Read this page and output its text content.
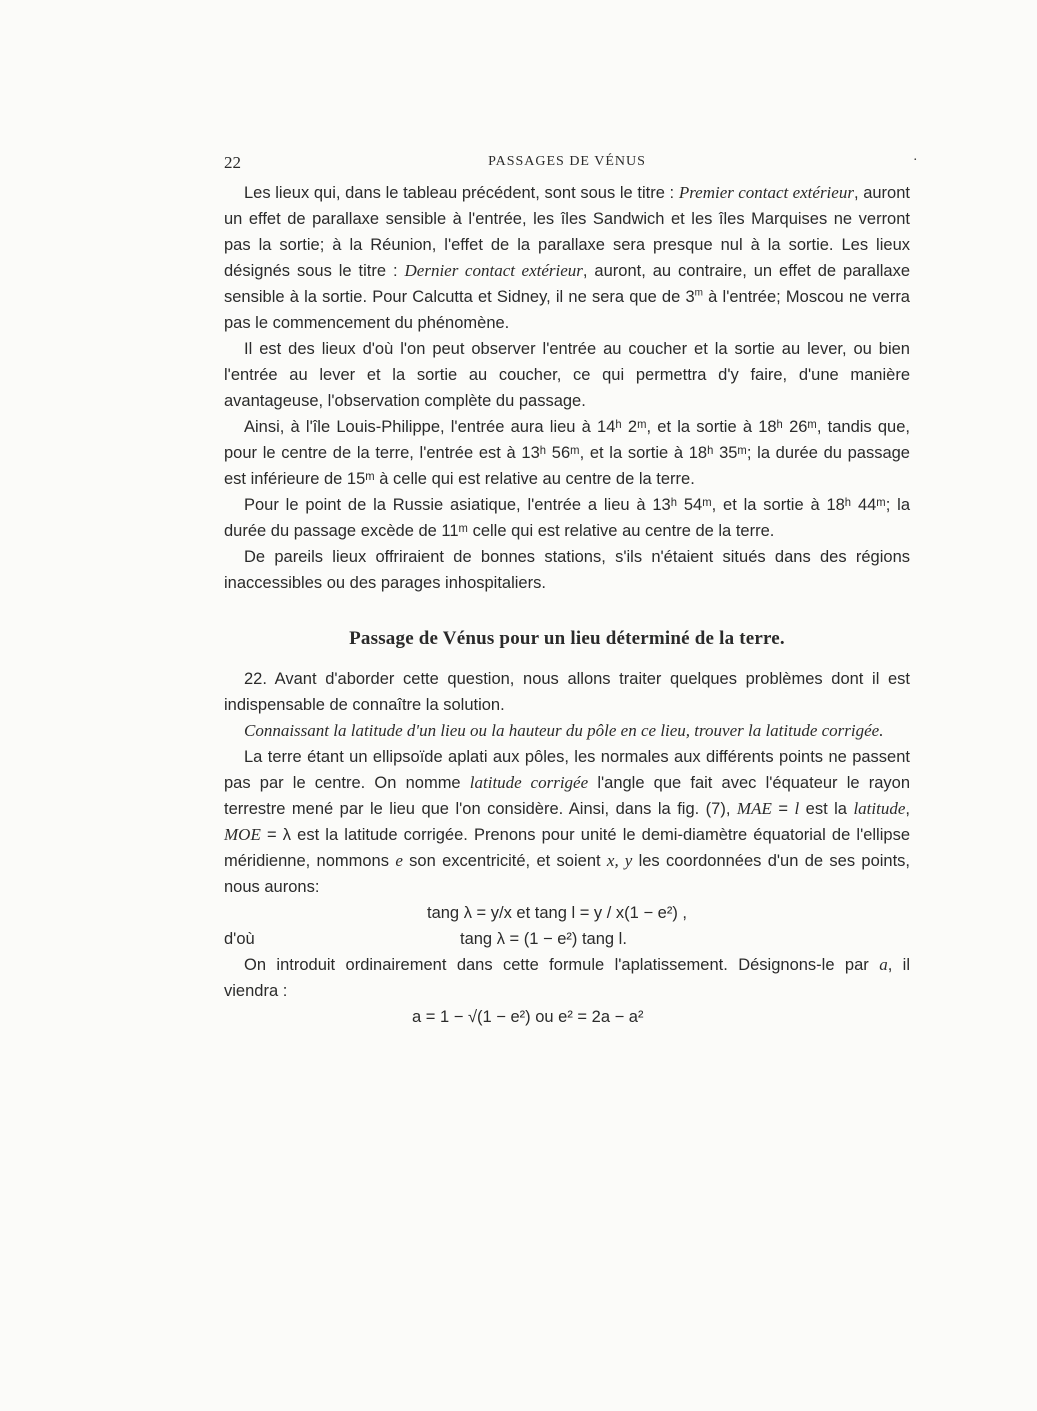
22	PASSAGES DE VÉNUS	.

Les lieux qui, dans le tableau précédent, sont sous le titre : Premier contact extérieur, auront un effet de parallaxe sensible à l'entrée, les îles Sandwich et les îles Marquises ne verront pas la sortie; à la Réunion, l'effet de la parallaxe sera presque nul à la sortie. Les lieux désignés sous le titre : Dernier contact extérieur, auront, au contraire, un effet de parallaxe sensible à la sortie. Pour Calcutta et Sidney, il ne sera que de 3$^m$ à l'entrée; Moscou ne verra pas le commencement du phénomène.

Il est des lieux d'où l'on peut observer l'entrée au coucher et la sortie au lever, ou bien l'entrée au lever et la sortie au coucher, ce qui permettra d'y faire, d'une manière avantageuse, l'observation complète du passage.

Ainsi, à l'île Louis-Philippe, l'entrée aura lieu à 14ʰ 2ᵐ, et la sortie à 18ʰ 26ᵐ, tandis que, pour le centre de la terre, l'entrée est à 13ʰ 56ᵐ, et la sortie à 18ʰ 35ᵐ; la durée du passage est inférieure de 15ᵐ à celle qui est relative au centre de la terre.

Pour le point de la Russie asiatique, l'entrée a lieu à 13ʰ 54ᵐ, et la sortie à 18ʰ 44ᵐ; la durée du passage excède de 11ᵐ celle qui est relative au centre de la terre.

De pareils lieux offriraient de bonnes stations, s'ils n'étaient situés dans des régions inaccessibles ou des parages inhospitaliers.

Passage de Vénus pour un lieu déterminé de la terre.

22. Avant d'aborder cette question, nous allons traiter quelques problèmes dont il est indispensable de connaître la solution.

Connaissant la latitude d'un lieu ou la hauteur du pôle en ce lieu, trouver la latitude corrigée.

La terre étant un ellipsoïde aplati aux pôles, les normales aux différents points ne passent pas par le centre. On nomme latitude corrigée l'angle que fait avec l'équateur le rayon terrestre mené par le lieu que l'on considère. Ainsi, dans la fig. (7), MAE = l est la latitude, MOE = λ est la latitude corrigée. Prenons pour unité le demi-diamètre équatorial de l'ellipse méridienne, nommons e son excentricité, et soient x, y les coordonnées d'un de ses points, nous aurons:

tang λ = y/x et tang l = y / x(1 − e²) ,
d'où	tang λ = (1 − e²) tang l.

On introduit ordinairement dans cette formule l'aplatissement. Désignons-le par a, il viendra :

a = 1 − √(1 − e²) ou e² = 2a − a²
